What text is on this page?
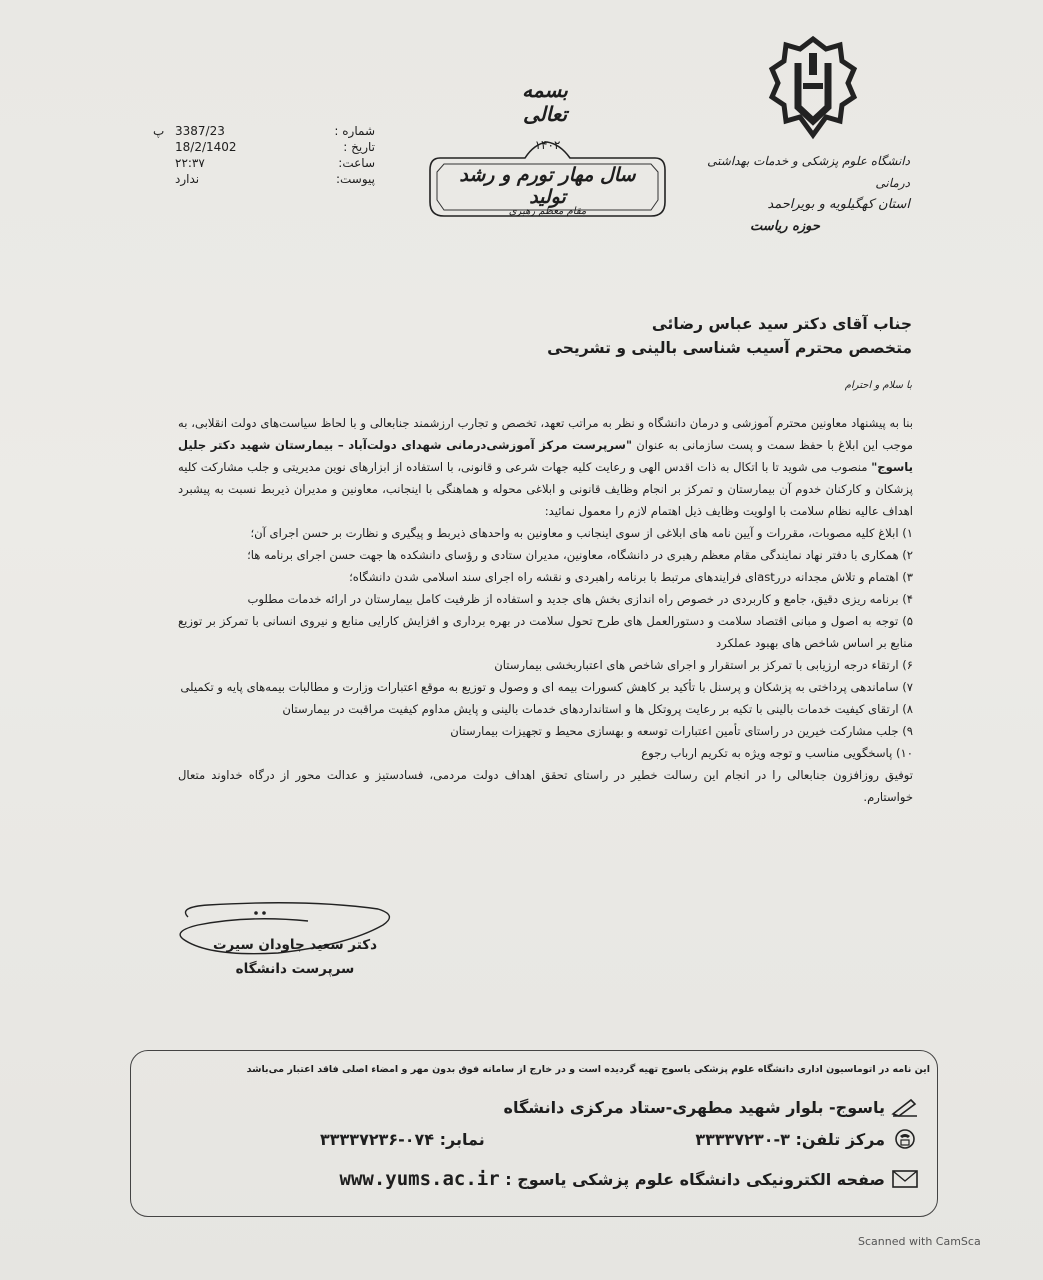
دانشگاه علوم پزشکی و خدمات بهداشتی درمانی
استان کهگیلویه و بویراحمد
حوزه ریاست
بسمه تعالی
۱۴۰۲
سال مهار تورم و رشد تولید
مقام معظم رهبری
شماره :
3387/23
پ
تاریخ :
18/2/1402
ساعت:
۲۲:۳۷
پیوست:
ندارد
جناب آقای دکتر سید عباس رضائی
متخصص محترم آسیب شناسی بالینی و تشریحی
با سلام و احترام

بنا به پیشنهاد معاونین محترم آموزشی و درمان دانشگاه و نظر به مراتب تعهد، تخصص و تجارب ارزشمند جنابعالی و با لحاظ سیاست‌های دولت انقلابی، به موجب این ابلاغ با حفظ سمت و پست سازمانی به عنوان "سرپرست مرکز آموزشی‌درمانی شهدای دولت‌آباد – بیمارستان شهید دکتر جلیل یاسوج" منصوب می شوید تا با اتکال به ذات اقدس الهی و رعایت کلیه جهات شرعی و قانونی، با استفاده از ابزارهای نوین مدیریتی و جلب مشارکت کلیه پزشکان و کارکنان خدوم آن بیمارستان و تمرکز بر انجام وظایف قانونی و ابلاغی محوله و هماهنگی با اینجانب، معاونین و مدیران ذیربط نسبت به پیشبرد اهداف عالیه نظام سلامت با اولویت وظایف ذیل اهتمام لازم را معمول نمائید:

۱) ابلاغ کلیه مصوبات، مقررات و آیین نامه های ابلاغی از سوی اینجانب و معاونین به واحدهای ذیربط و پیگیری و نظارت بر حسن اجرای آن؛

۲) همکاری با دفتر نهاد نمایندگی مقام معظم رهبری در دانشگاه، معاونین، مدیران ستادی و رؤسای دانشکده ها جهت حسن اجرای برنامه ها؛

۳) اهتمام و تلاش مجدانه دررastای فرایندهای مرتبط با برنامه راهبردی و نقشه راه اجرای سند اسلامی شدن دانشگاه؛

۴) برنامه ریزی دقیق، جامع و کاربردی در خصوص راه اندازی بخش های جدید و استفاده از ظرفیت کامل بیمارستان در ارائه خدمات مطلوب

۵) توجه به اصول و مبانی اقتصاد سلامت و دستورالعمل های طرح تحول سلامت در بهره برداری و افزایش کارایی منابع و نیروی انسانی با تمرکز بر توزیع منابع بر اساس شاخص های بهبود عملکرد

۶) ارتقاء درجه ارزیابی با تمرکز بر استقرار و اجرای شاخص های اعتباربخشی بیمارستان

۷) ساماندهی پرداختی به پزشکان و پرسنل با تأکید بر کاهش کسورات بیمه ای و وصول و توزیع به موقع اعتبارات وزارت و مطالبات بیمه‌های پایه و تکمیلی

۸) ارتقای کیفیت خدمات بالینی با تکیه بر رعایت پروتکل ها و استانداردهای خدمات بالینی و پایش مداوم کیفیت مراقبت در بیمارستان

۹) جلب مشارکت خیرین در راستای تأمین اعتبارات توسعه و بهسازی محیط و تجهیزات بیمارستان

۱۰) پاسخگویی مناسب و توجه ویژه به تکریم ارباب رجوع

توفیق روزافزون جنابعالی را در انجام این رسالت خطیر در راستای تحقق اهداف دولت مردمی، فسادستیز و عدالت محور از درگاه خداوند متعال خواستارم.

دکتر سعید جاودان سیرت
سرپرست دانشگاه
این نامه در اتوماسیون اداری دانشگاه علوم پزشکی یاسوج تهیه گردیده است و در خارج از سامانه فوق بدون مهر و امضاء اصلی فاقد اعتبار می‌باشد
یاسوج- بلوار شهید مطهری-ستاد مرکزی دانشگاه
مرکز تلفن: ۳-۳۳۳۳۷۲۳۰
نمابر: ۰۷۴-۳۳۳۳۷۲۳۶
صفحه الکترونیکی دانشگاه علوم پزشکی یاسوج : www.yums.ac.ir
Scanned with CamSca
